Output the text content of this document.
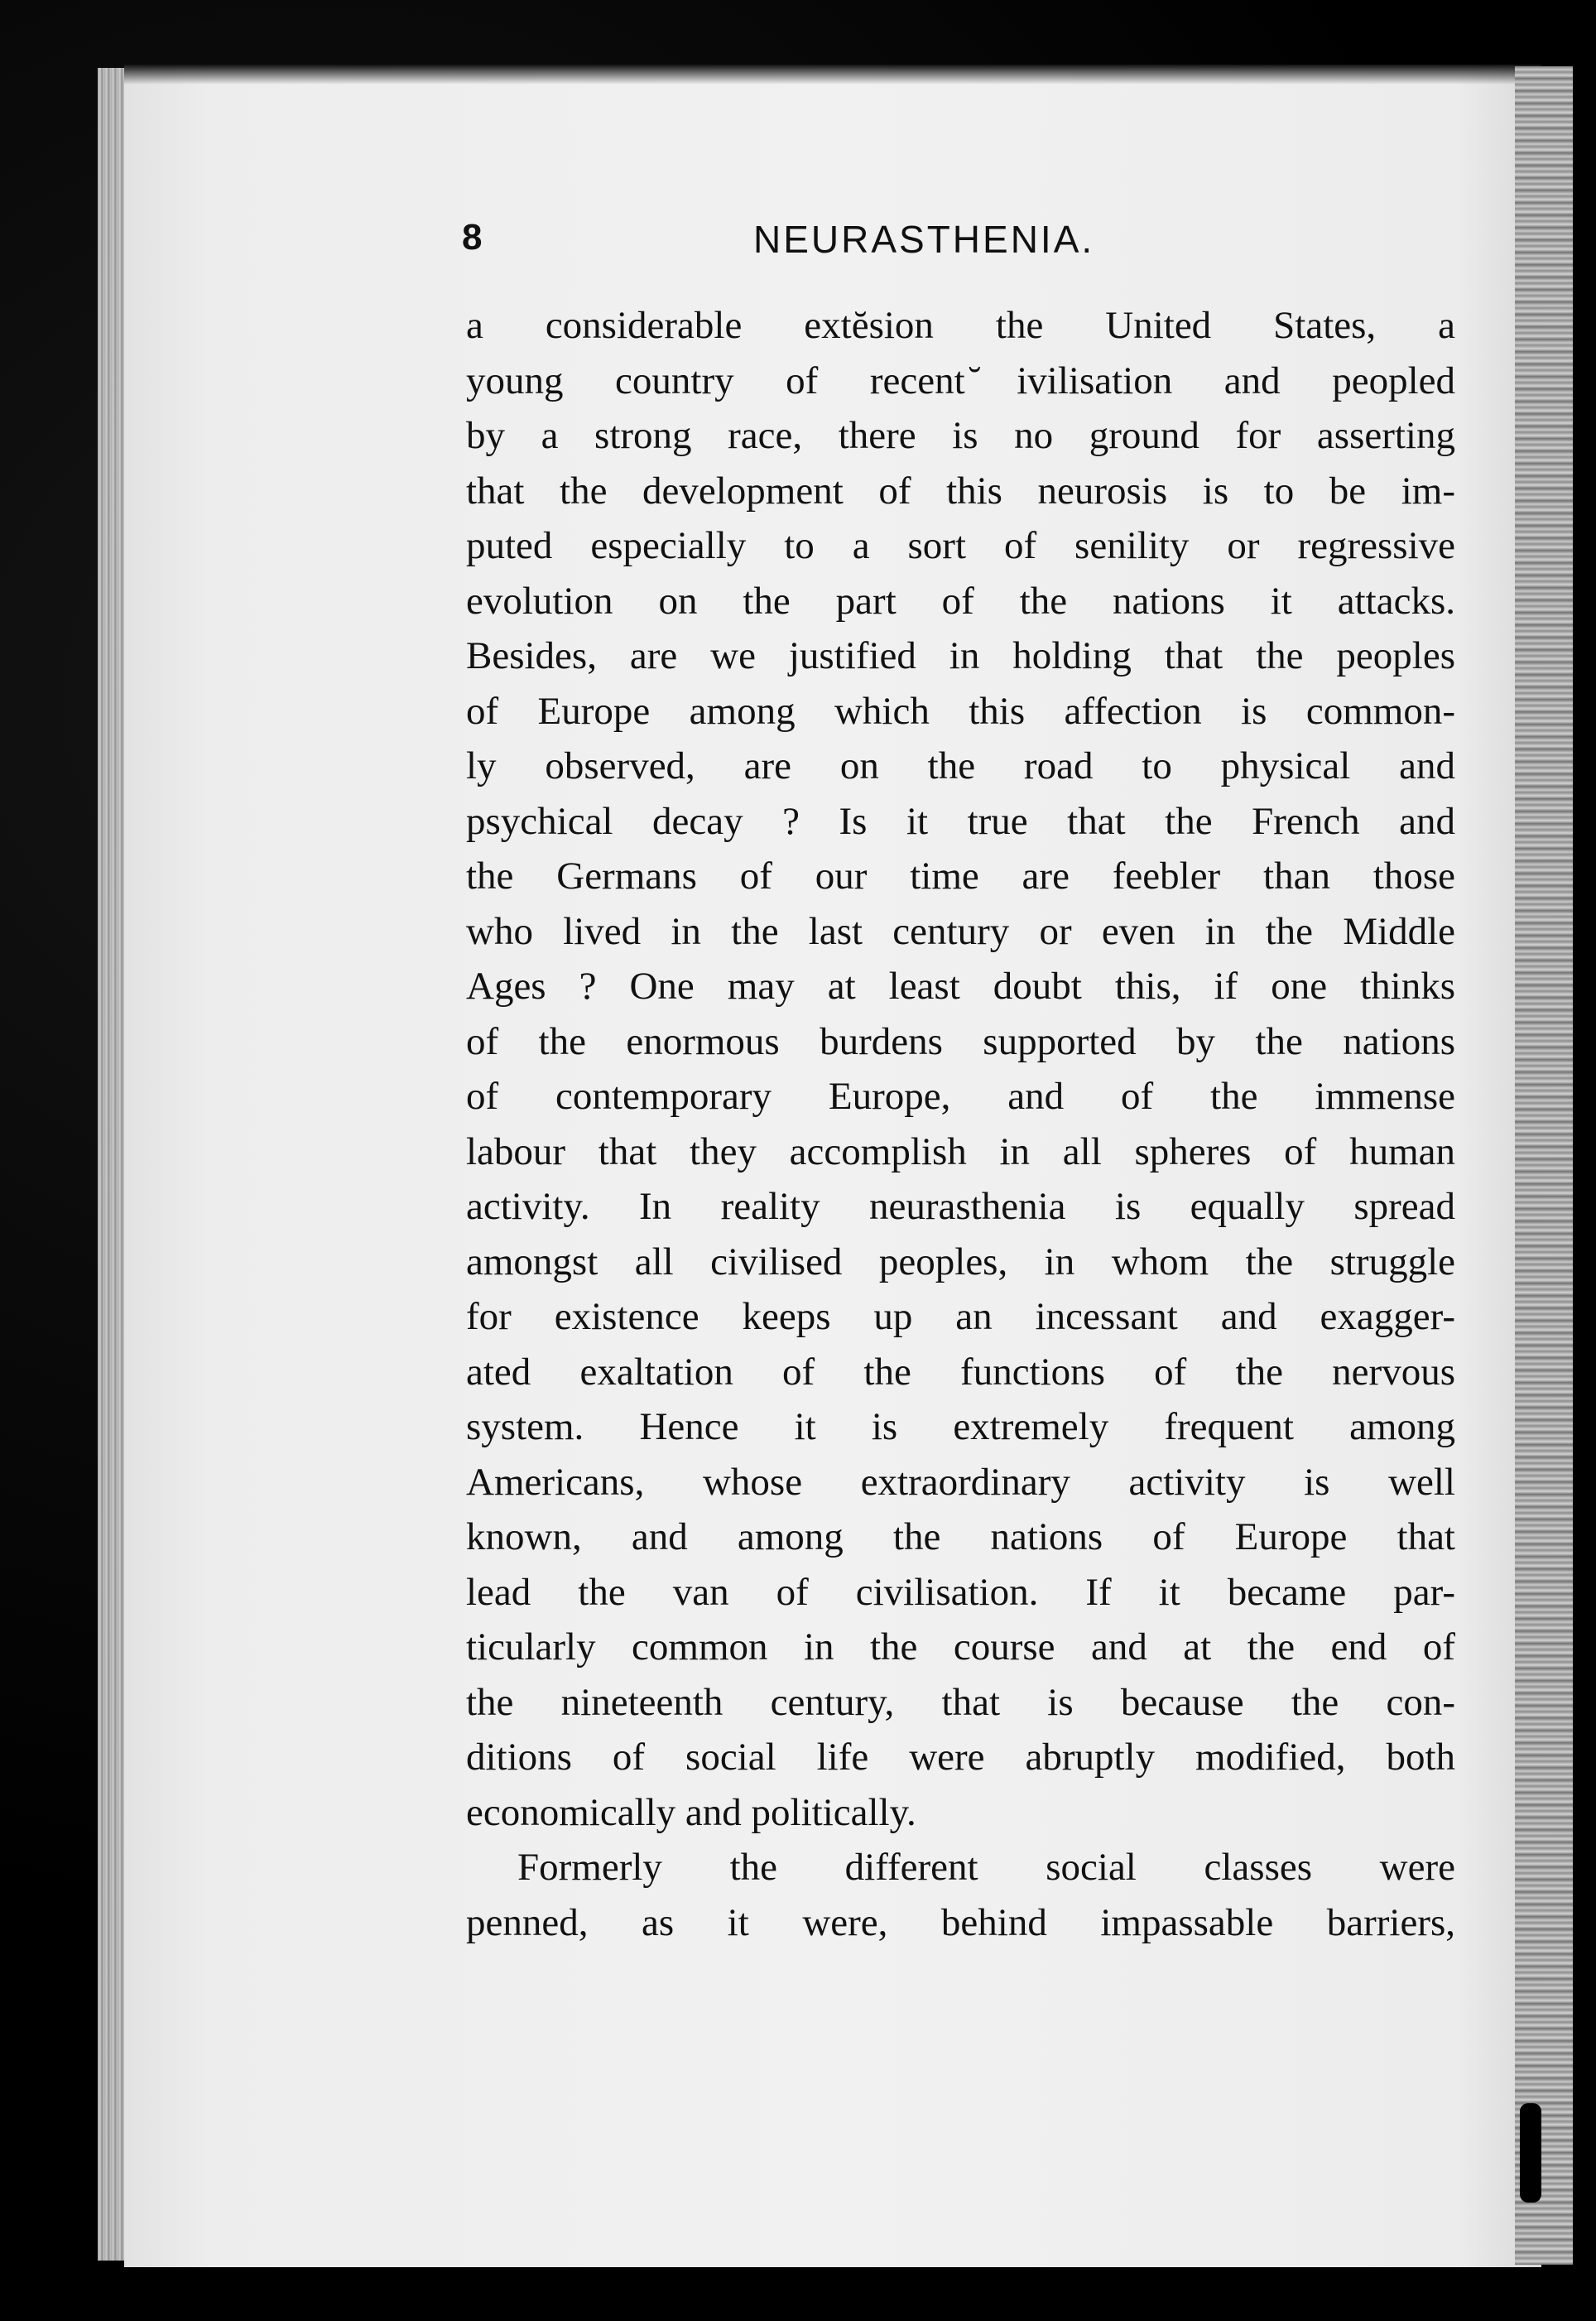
8	NEURASTHENIA.
a considerable extĕsion the United States, a
young country of recent ̆ivilisation and peopled
by a strong race, there is no ground for asserting
that the development of this neurosis is to be im-
puted especially to a sort of senility or regressive
evolution on the part of the nations it attacks.
Besides, are we justified in holding that the peoples
of Europe among which this affection is common-
ly observed, are on the road to physical and
psychical decay ? Is it true that the French and
the Germans of our time are feebler than those
who lived in the last century or even in the Middle
Ages ? One may at least doubt this, if one thinks
of the enormous burdens supported by the nations
of contemporary Europe, and of the immense
labour that they accomplish in all spheres of human
activity. In reality neurasthenia is equally spread
amongst all civilised peoples, in whom the struggle
for existence keeps up an incessant and exagger-
ated exaltation of the functions of the nervous
system. Hence it is extremely frequent among
Americans, whose extraordinary activity is well
known, and among the nations of Europe that
lead the van of civilisation. If it became par-
ticularly common in the course and at the end of
the nineteenth century, that is because the con-
ditions of social life were abruptly modified, both
economically and politically.
Formerly the different social classes were
penned, as it were, behind impassable barriers,
